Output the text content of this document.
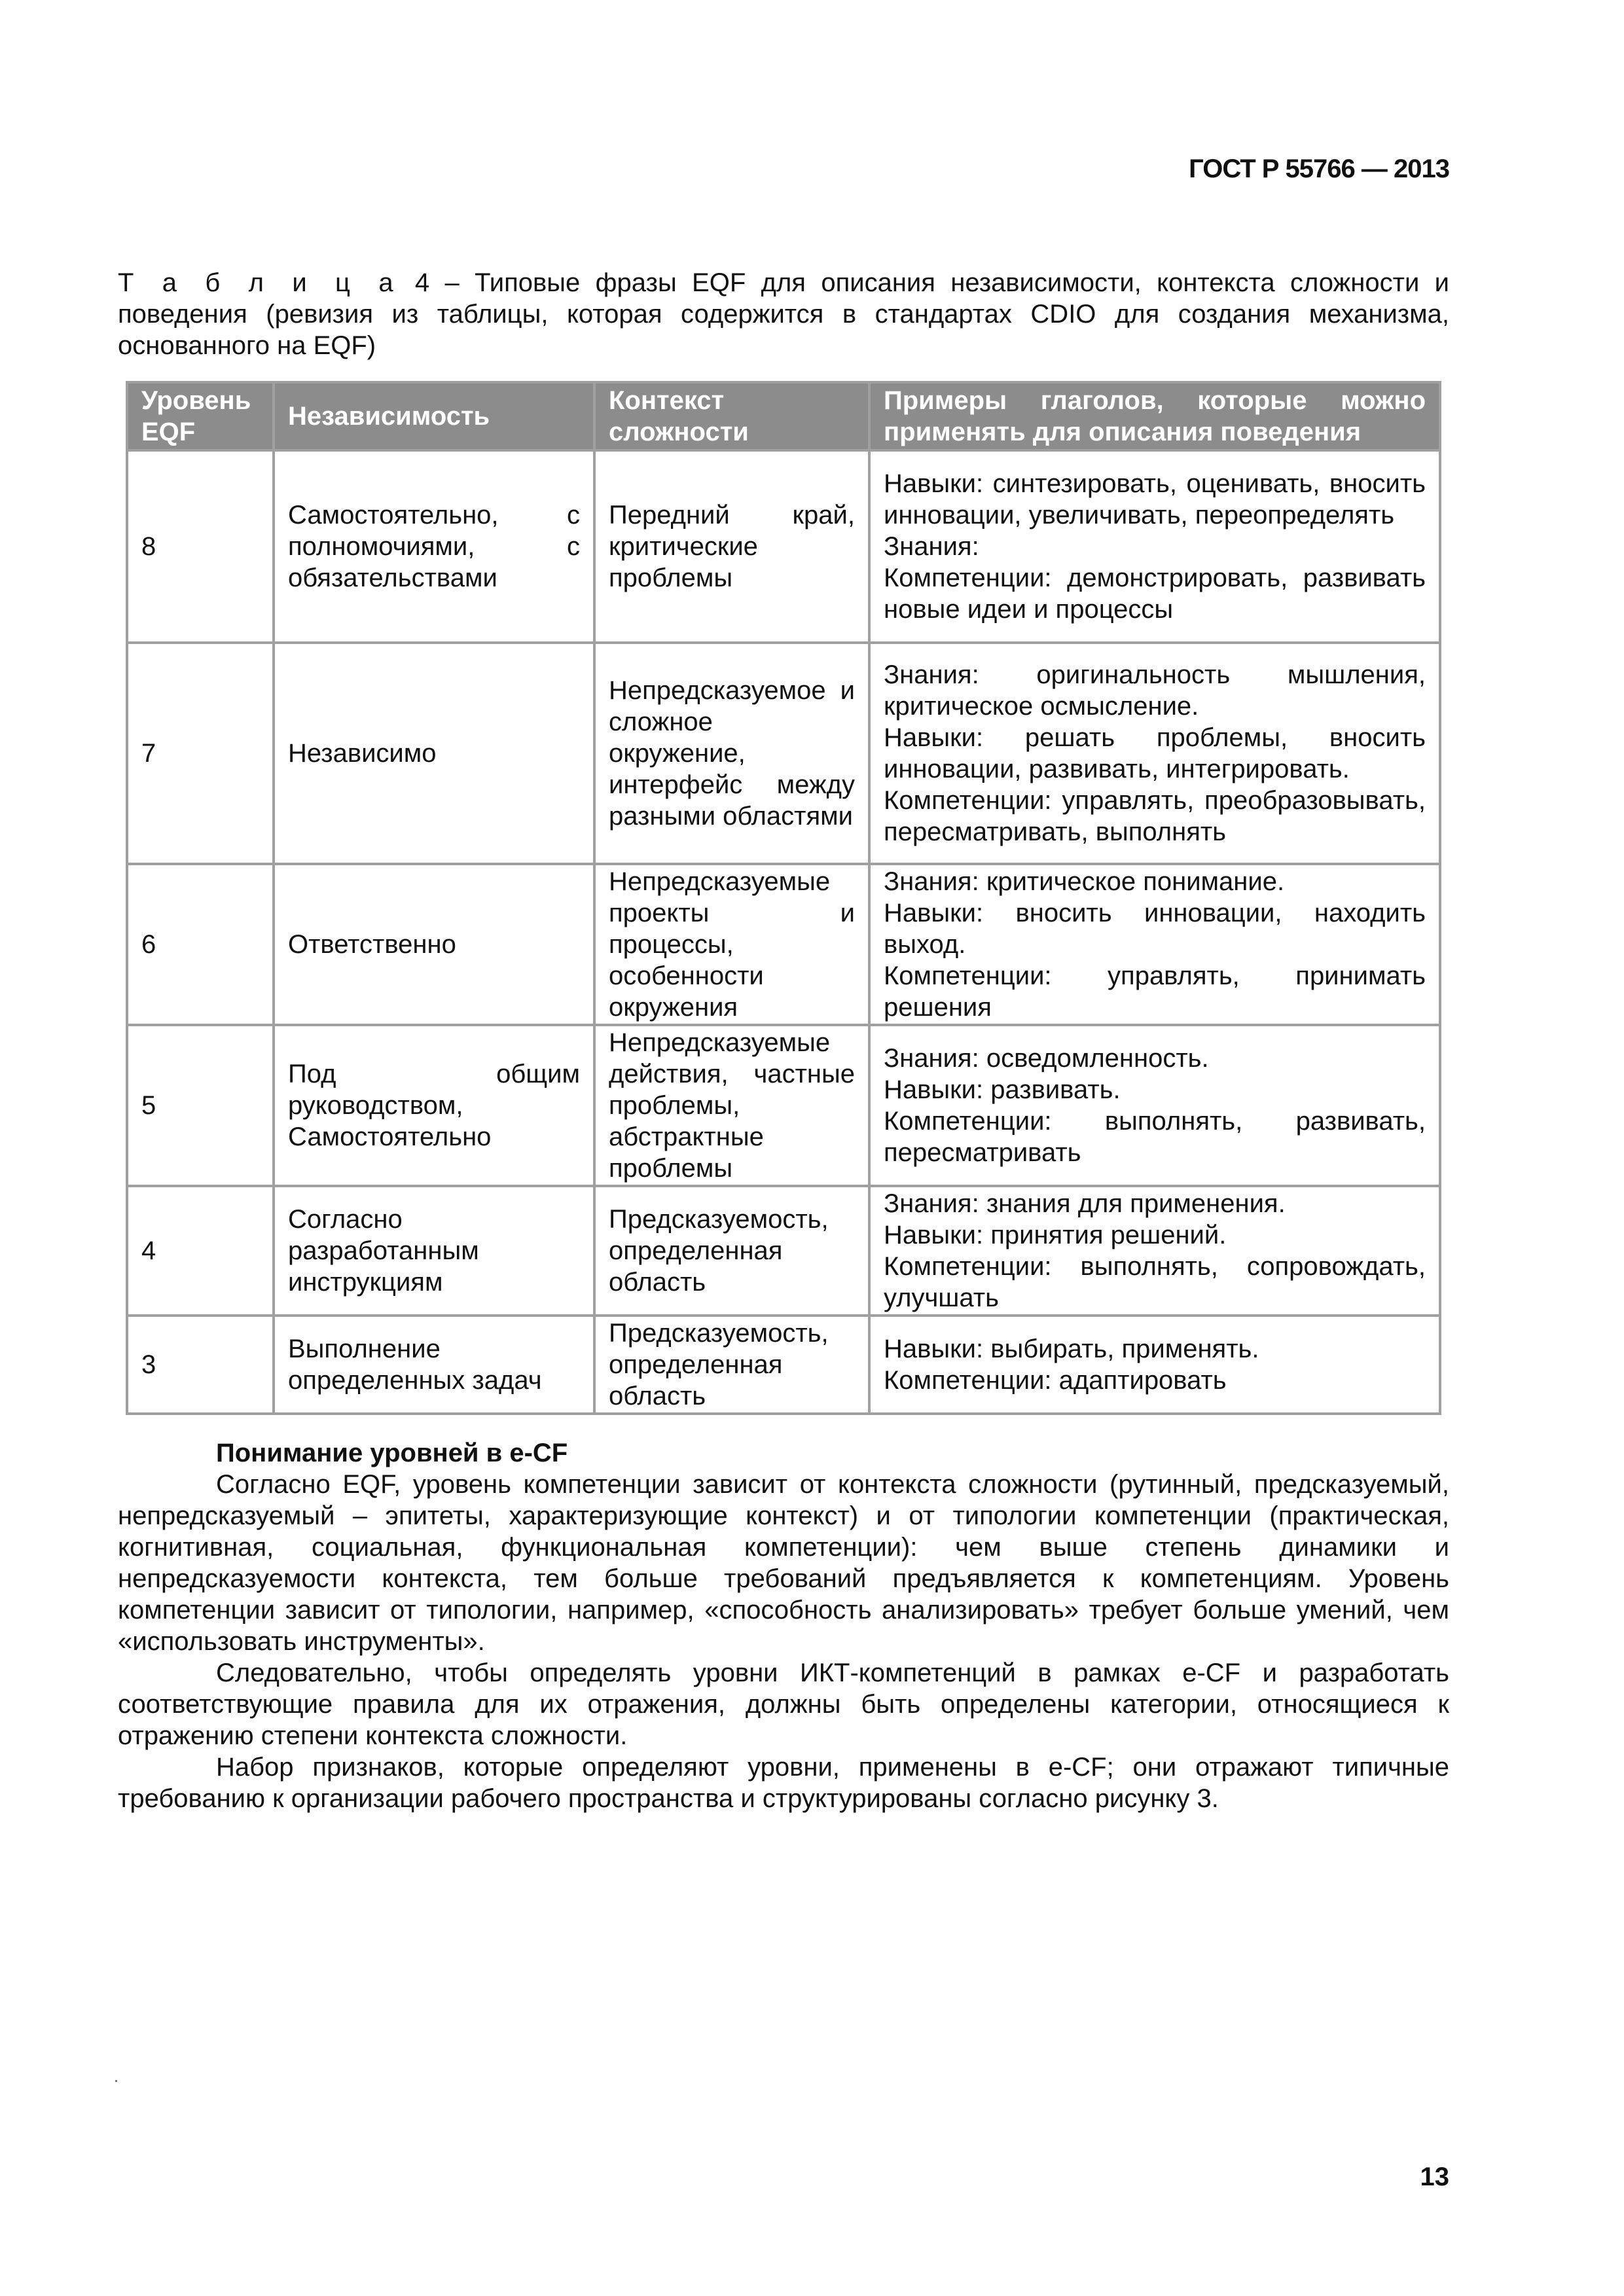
ГОСТ Р 55766 — 2013
Т а б л и ц а 4 – Типовые фразы EQF для описания независимости, контекста сложности и поведения (ревизия из таблицы, которая содержится в стандартах CDIO для создания механизма, основанного на EQF)
Уровень EQF	Независимость	Контекст сложности	Примеры глаголов, которые можно применять для описания поведения

8	Самостоятельно, с полномочиями, с обязательствами	Передний край, критические проблемы	Навыки: синтезировать, оценивать, вносить инновации, увеличивать, переопределять
Знания:
Компетенции: демонстрировать, развивать новые идеи и процессы

7	Независимо	Непредсказуемое и сложное окружение, интерфейс между разными областями	Знания: оригинальность мышления, критическое осмысление.
Навыки: решать проблемы, вносить инновации, развивать, интегрировать.
Компетенции: управлять, преобразовывать, пересматривать, выполнять

6	Ответственно	Непредсказуемые проекты и процессы, особенности окружения	Знания: критическое понимание.
Навыки: вносить инновации, находить выход.
Компетенции: управлять, принимать решения

5	Под общим руководством, Самостоятельно	Непредсказуемые действия, частные проблемы, абстрактные проблемы	Знания: осведомленность.
Навыки: развивать.
Компетенции: выполнять, развивать, пересматривать

4	Согласно разработанным инструкциям	Предсказуемость, определенная область	Знания: знания для применения.
Навыки: принятия решений.
Компетенции: выполнять, сопровождать, улучшать

3	Выполнение определенных задач	Предсказуемость, определенная область	Навыки: выбирать, применять.
Компетенции: адаптировать
Понимание уровней в e-CF

Согласно EQF, уровень компетенции зависит от контекста сложности (рутинный, предсказуемый, непредсказуемый – эпитеты, характеризующие контекст) и от типологии компетенции (практическая, когнитивная, социальная, функциональная компетенции): чем выше степень динамики и непредсказуемости контекста, тем больше требований предъявляется к компетенциям. Уровень компетенции зависит от типологии, например, «способность анализировать» требует больше умений, чем «использовать инструменты».

Следовательно, чтобы определять уровни ИКТ-компетенций в рамках e-CF и разработать соответствующие правила для их отражения, должны быть определены категории, относящиеся к отражению степени контекста сложности.

Набор признаков, которые определяют уровни, применены в e-CF; они отражают типичные требованию к организации рабочего пространства и структурированы согласно рисунку 3.

13
